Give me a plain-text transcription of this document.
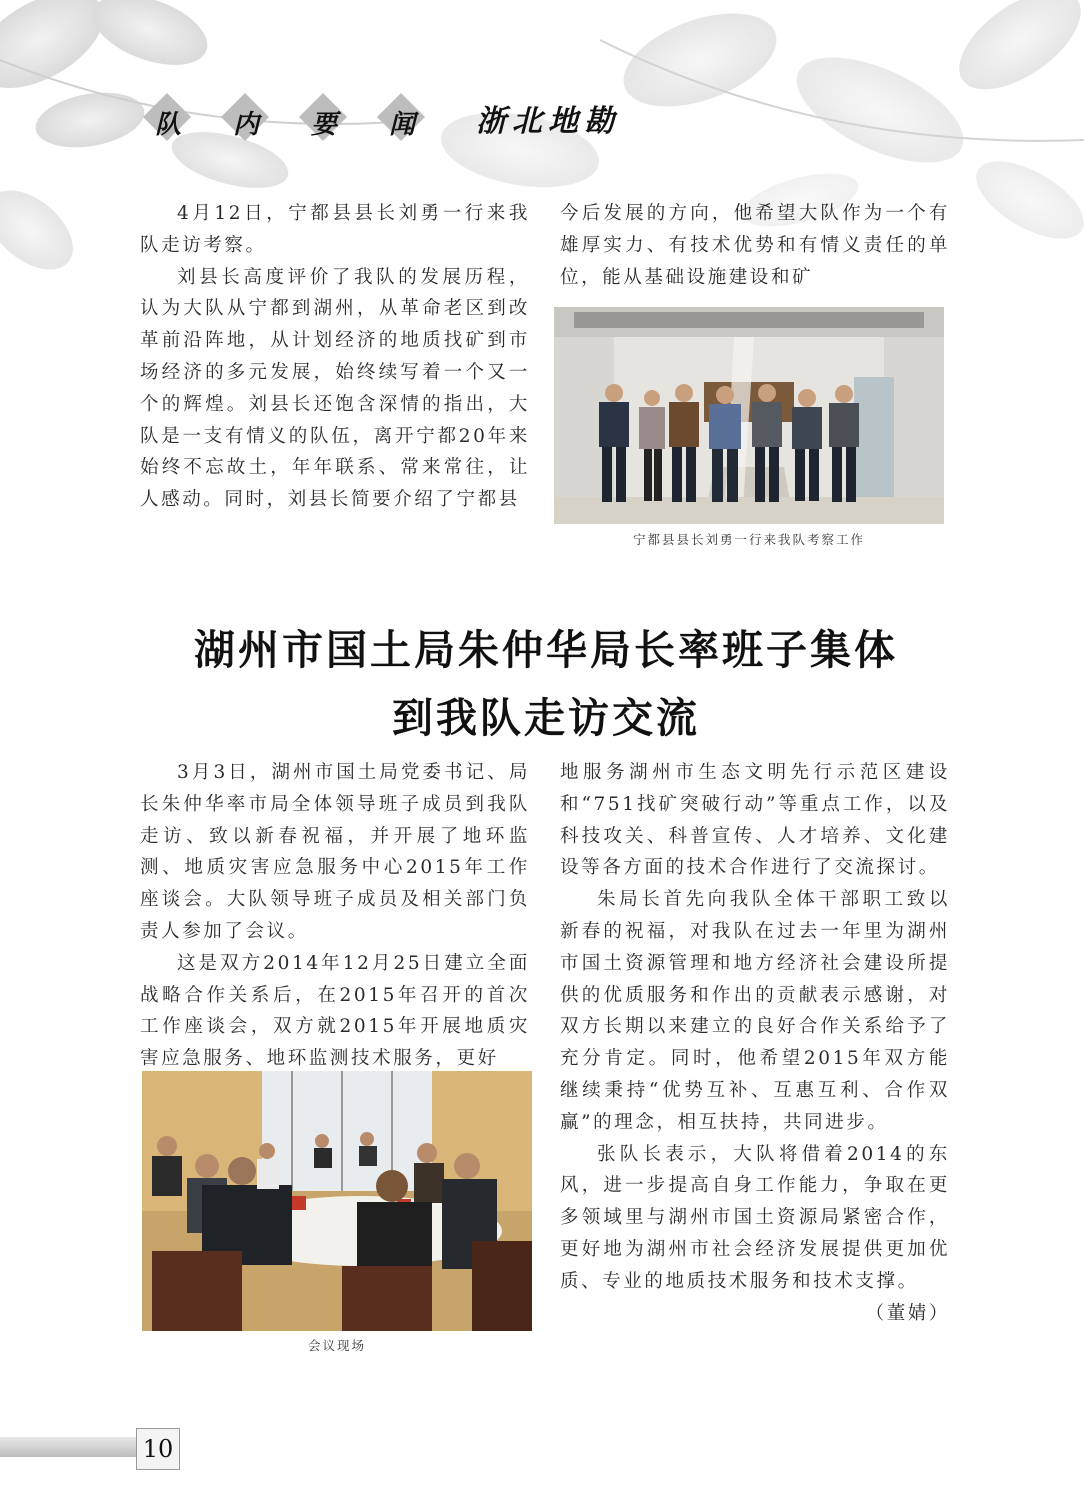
队	内	要	闻	浙北地勘

4月12日，宁都县县长刘勇一行来我队走访考察。

刘县长高度评价了我队的发展历程，认为大队从宁都到湖州，从革命老区到改革前沿阵地，从计划经济的地质找矿到市场经济的多元发展，始终续写着一个又一个的辉煌。刘县长还饱含深情的指出，大队是一支有情义的队伍，离开宁都20年来始终不忘故土，年年联系、常来常往，让人感动。同时，刘县长简要介绍了宁都县

今后发展的方向，他希望大队作为一个有雄厚实力、有技术优势和有情义责任的单位，能从基础设施建设和矿

宁都县县长刘勇一行来我队考察工作
湖州市国土局朱仲华局长率班子集体
到我队走访交流

3月3日，湖州市国土局党委书记、局长朱仲华率市局全体领导班子成员到我队走访、致以新春祝福，并开展了地环监测、地质灾害应急服务中心2015年工作座谈会。大队领导班子成员及相关部门负责人参加了会议。

这是双方2014年12月25日建立全面战略合作关系后，在2015年召开的首次工作座谈会，双方就2015年开展地质灾害应急服务、地环监测技术服务，更好

会议现场

地服务湖州市生态文明先行示范区建设和“751找矿突破行动”等重点工作，以及科技攻关、科普宣传、人才培养、文化建设等各方面的技术合作进行了交流探讨。

朱局长首先向我队全体干部职工致以新春的祝福，对我队在过去一年里为湖州市国土资源管理和地方经济社会建设所提供的优质服务和作出的贡献表示感谢，对双方长期以来建立的良好合作关系给予了充分肯定。同时，他希望2015年双方能继续秉持“优势互补、互惠互利、合作双赢”的理念，相互扶持，共同进步。

张队长表示，大队将借着2014的东风，进一步提高自身工作能力，争取在更多领域里与湖州市国土资源局紧密合作，更好地为湖州市社会经济发展提供更加优质、专业的地质技术服务和技术支撑。
（董婧）

10
